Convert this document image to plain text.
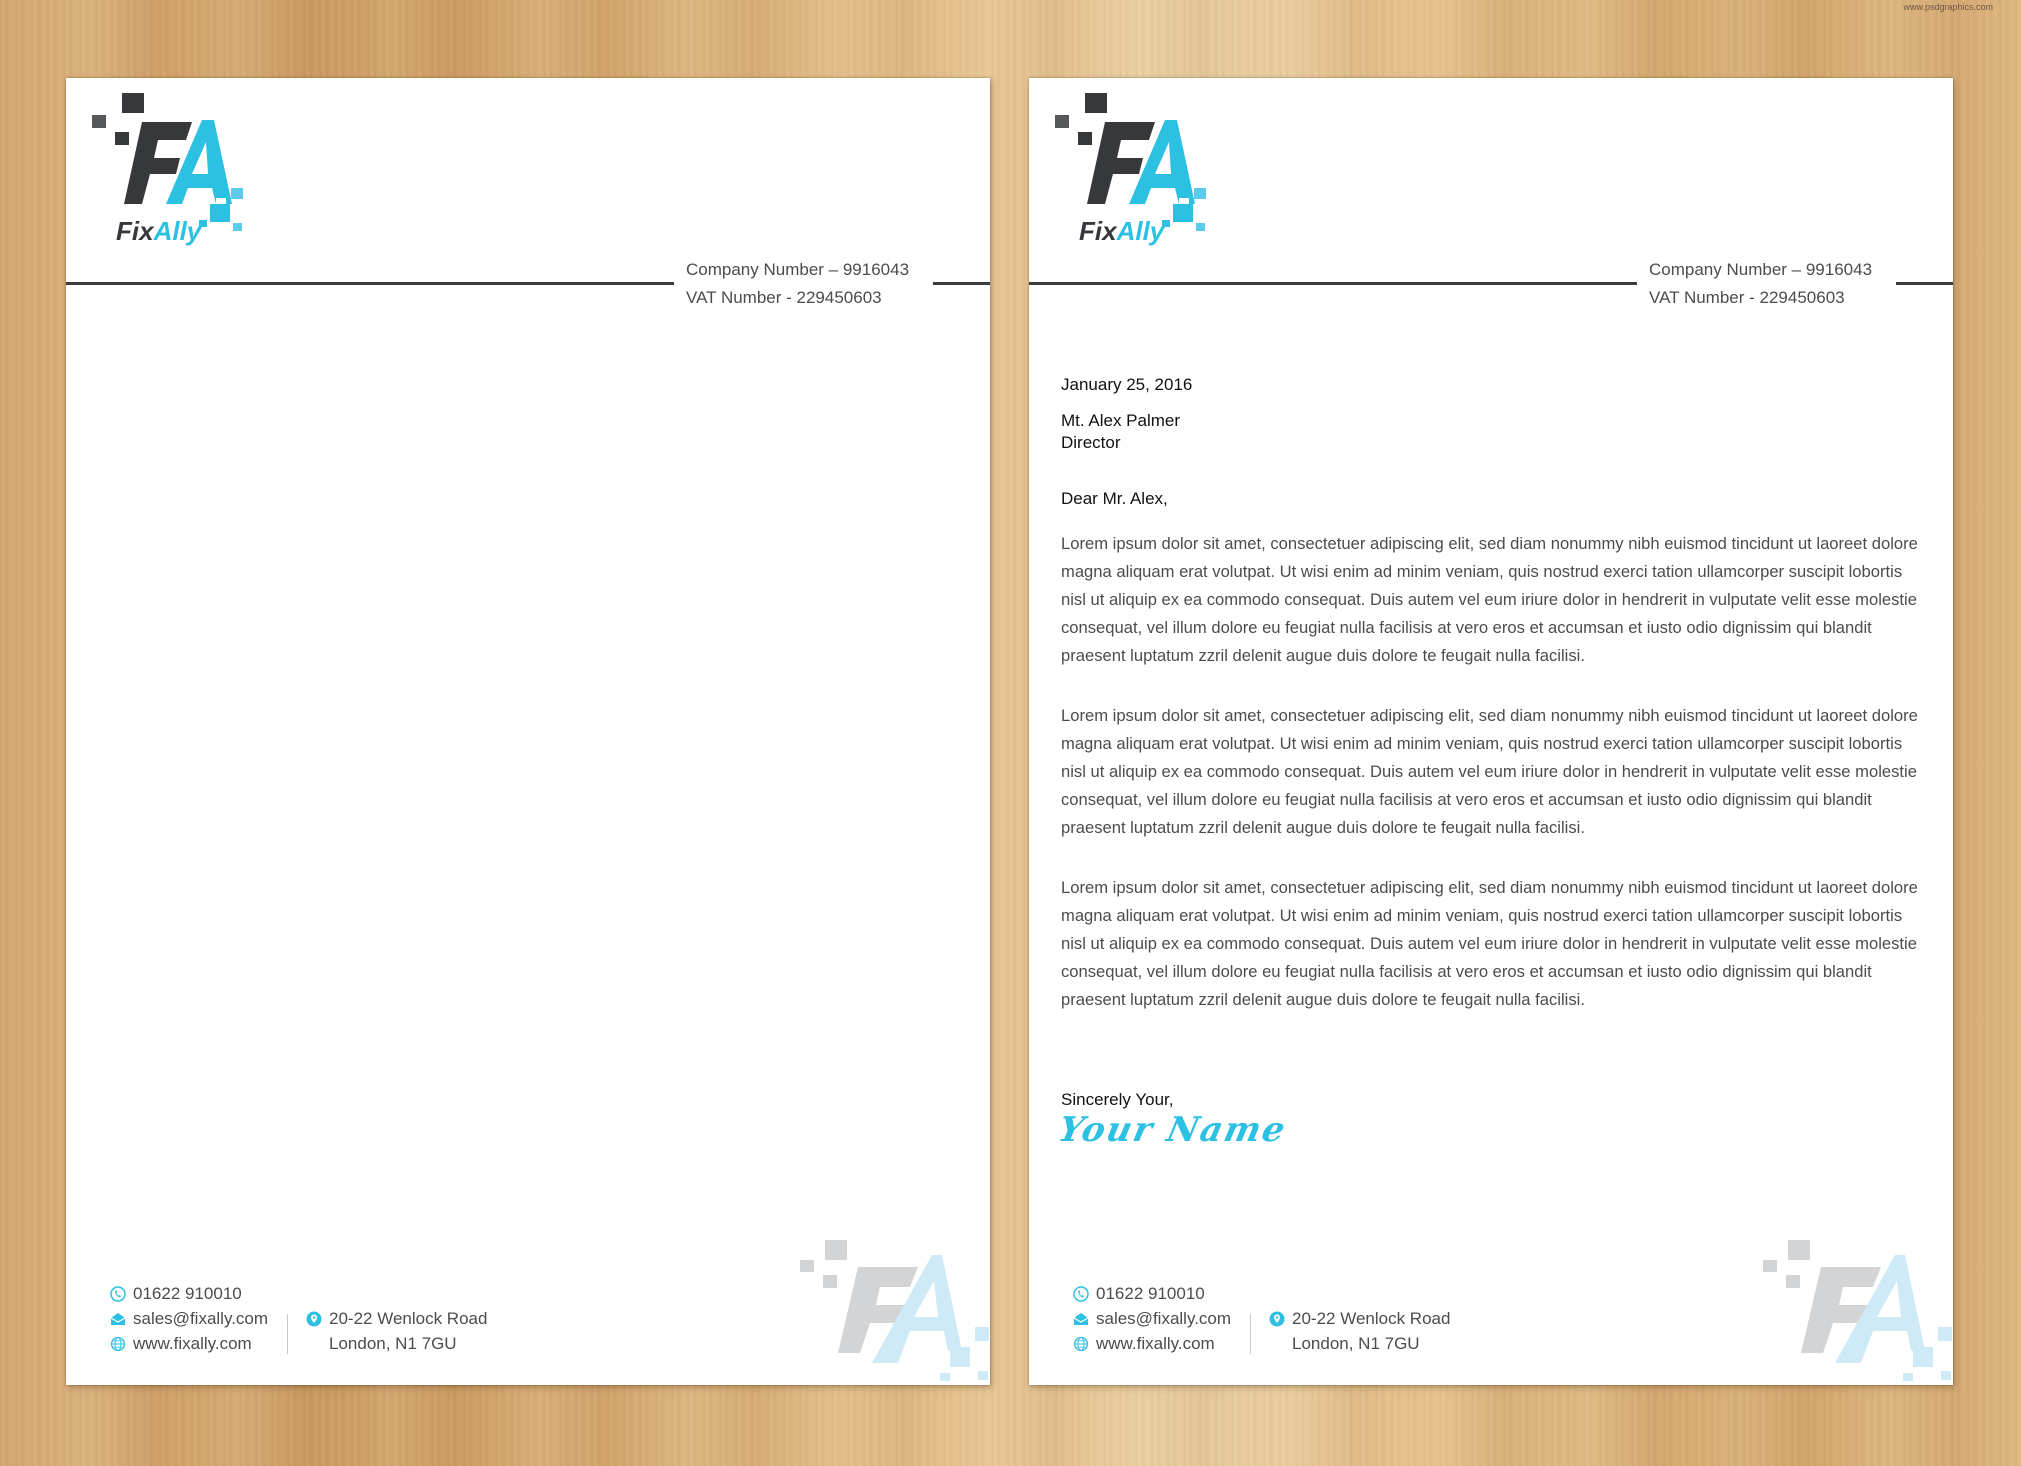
www.psdgraphics.com
FixAlly
Company Number – 9916043
VAT Number - 229450603
01622 910010
sales@fixally.com
www.fixally.com
20-22 Wenlock Road
London, N1 7GU
FixAlly
Company Number – 9916043
VAT Number - 229450603
January 25, 2016
Mt. Alex Palmer
Director
Dear Mr. Alex,

Lorem ipsum dolor sit amet, consectetuer adipiscing elit, sed diam nonummy nibh euismod tincidunt ut laoreet dolore magna aliquam erat volutpat. Ut wisi enim ad minim veniam, quis nostrud exerci tation ullamcorper suscipit lobortis nisl ut aliquip ex ea commodo consequat. Duis autem vel eum iriure dolor in hendrerit in vulputate velit esse molestie consequat, vel illum dolore eu feugiat nulla facilisis at vero eros et accumsan et iusto odio dignissim qui blandit praesent luptatum zzril delenit augue duis dolore te feugait nulla facilisi.

Lorem ipsum dolor sit amet, consectetuer adipiscing elit, sed diam nonummy nibh euismod tincidunt ut laoreet dolore magna aliquam erat volutpat. Ut wisi enim ad minim veniam, quis nostrud exerci tation ullamcorper suscipit lobortis nisl ut aliquip ex ea commodo consequat. Duis autem vel eum iriure dolor in hendrerit in vulputate velit esse molestie consequat, vel illum dolore eu feugiat nulla facilisis at vero eros et accumsan et iusto odio dignissim qui blandit praesent luptatum zzril delenit augue duis dolore te feugait nulla facilisi.

Lorem ipsum dolor sit amet, consectetuer adipiscing elit, sed diam nonummy nibh euismod tincidunt ut laoreet dolore magna aliquam erat volutpat. Ut wisi enim ad minim veniam, quis nostrud exerci tation ullamcorper suscipit lobortis nisl ut aliquip ex ea commodo consequat. Duis autem vel eum iriure dolor in hendrerit in vulputate velit esse molestie consequat, vel illum dolore eu feugiat nulla facilisis at vero eros et accumsan et iusto odio dignissim qui blandit praesent luptatum zzril delenit augue duis dolore te feugait nulla facilisi.

Sincerely Your,
Your Name
01622 910010
sales@fixally.com
www.fixally.com
20-22 Wenlock Road
London, N1 7GU
